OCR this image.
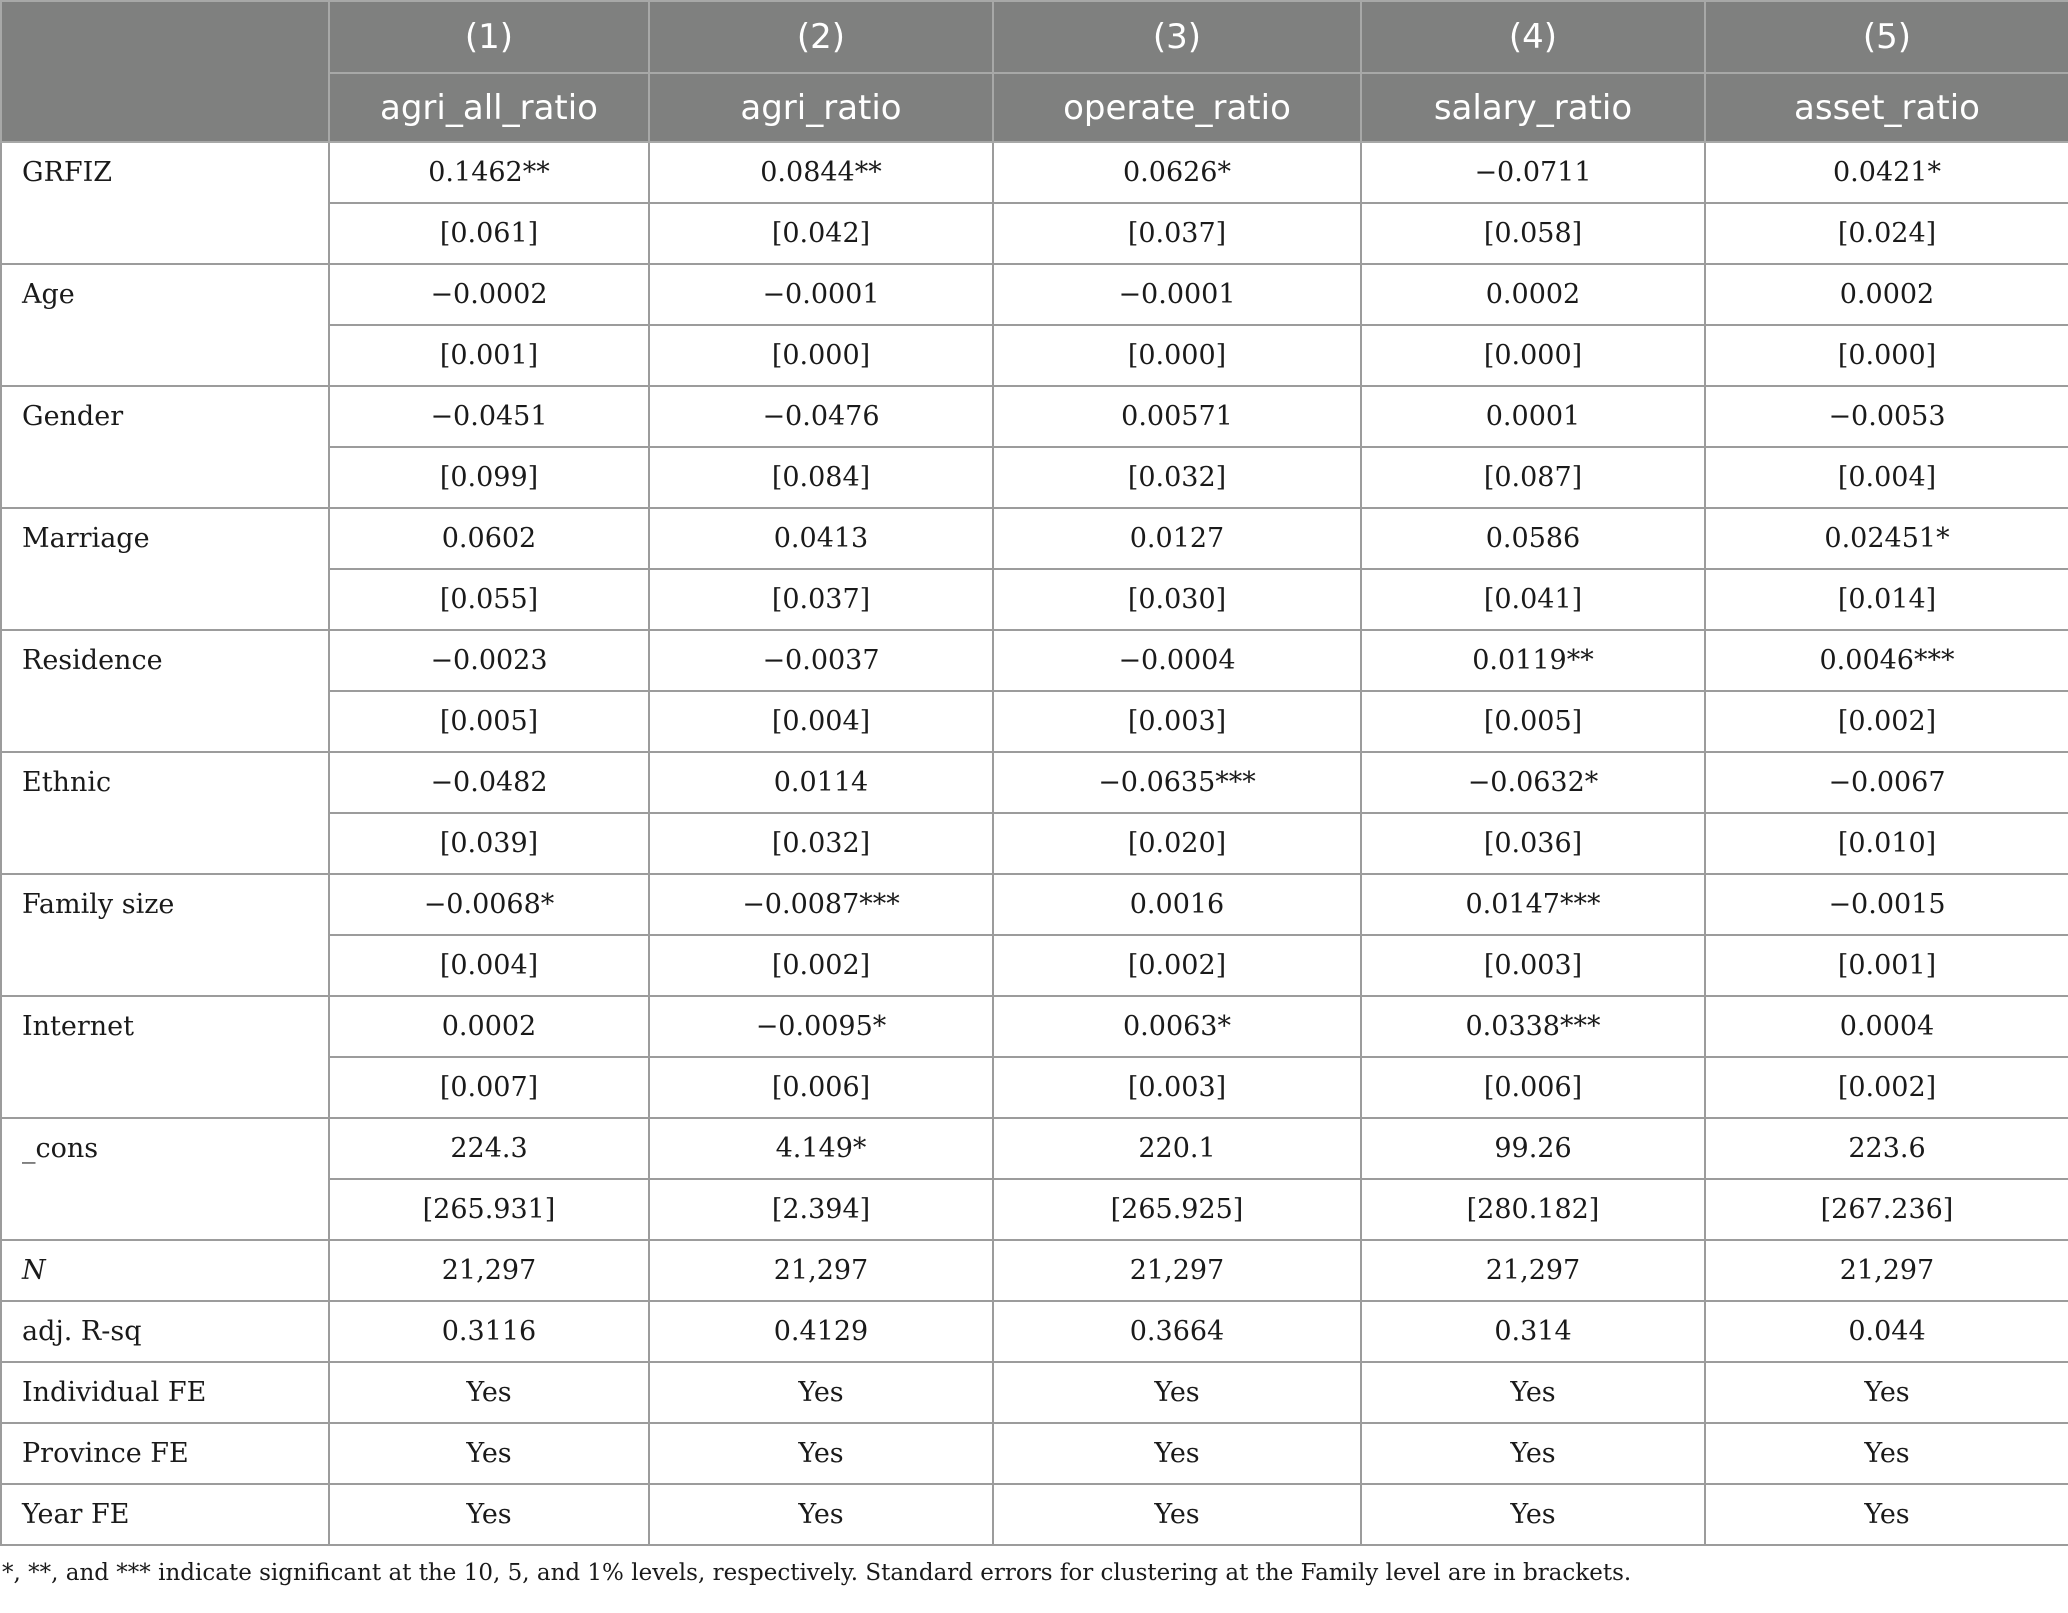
	(1)	(2)	(3)	(4)	(5)
	agri_all_ratio	agri_ratio	operate_ratio	salary_ratio	asset_ratio
GRFIZ	0.1462**	0.0844**	0.0626*	−0.0711	0.0421*
	[0.061]	[0.042]	[0.037]	[0.058]	[0.024]
Age	−0.0002	−0.0001	−0.0001	0.0002	0.0002
	[0.001]	[0.000]	[0.000]	[0.000]	[0.000]
Gender	−0.0451	−0.0476	0.00571	0.0001	−0.0053
	[0.099]	[0.084]	[0.032]	[0.087]	[0.004]
Marriage	0.0602	0.0413	0.0127	0.0586	0.02451*
	[0.055]	[0.037]	[0.030]	[0.041]	[0.014]
Residence	−0.0023	−0.0037	−0.0004	0.0119**	0.0046***
	[0.005]	[0.004]	[0.003]	[0.005]	[0.002]
Ethnic	−0.0482	0.0114	−0.0635***	−0.0632*	−0.0067
	[0.039]	[0.032]	[0.020]	[0.036]	[0.010]
Family size	−0.0068*	−0.0087***	0.0016	0.0147***	−0.0015
	[0.004]	[0.002]	[0.002]	[0.003]	[0.001]
Internet	0.0002	−0.0095*	0.0063*	0.0338***	0.0004
	[0.007]	[0.006]	[0.003]	[0.006]	[0.002]
_cons	224.3	4.149*	220.1	99.26	223.6
	[265.931]	[2.394]	[265.925]	[280.182]	[267.236]
N	21,297	21,297	21,297	21,297	21,297
adj. R-sq	0.3116	0.4129	0.3664	0.314	0.044
Individual FE	Yes	Yes	Yes	Yes	Yes
Province FE	Yes	Yes	Yes	Yes	Yes
Year FE	Yes	Yes	Yes	Yes	Yes
*, **, and *** indicate significant at the 10, 5, and 1% levels, respectively. Standard errors for clustering at the Family level are in brackets.
